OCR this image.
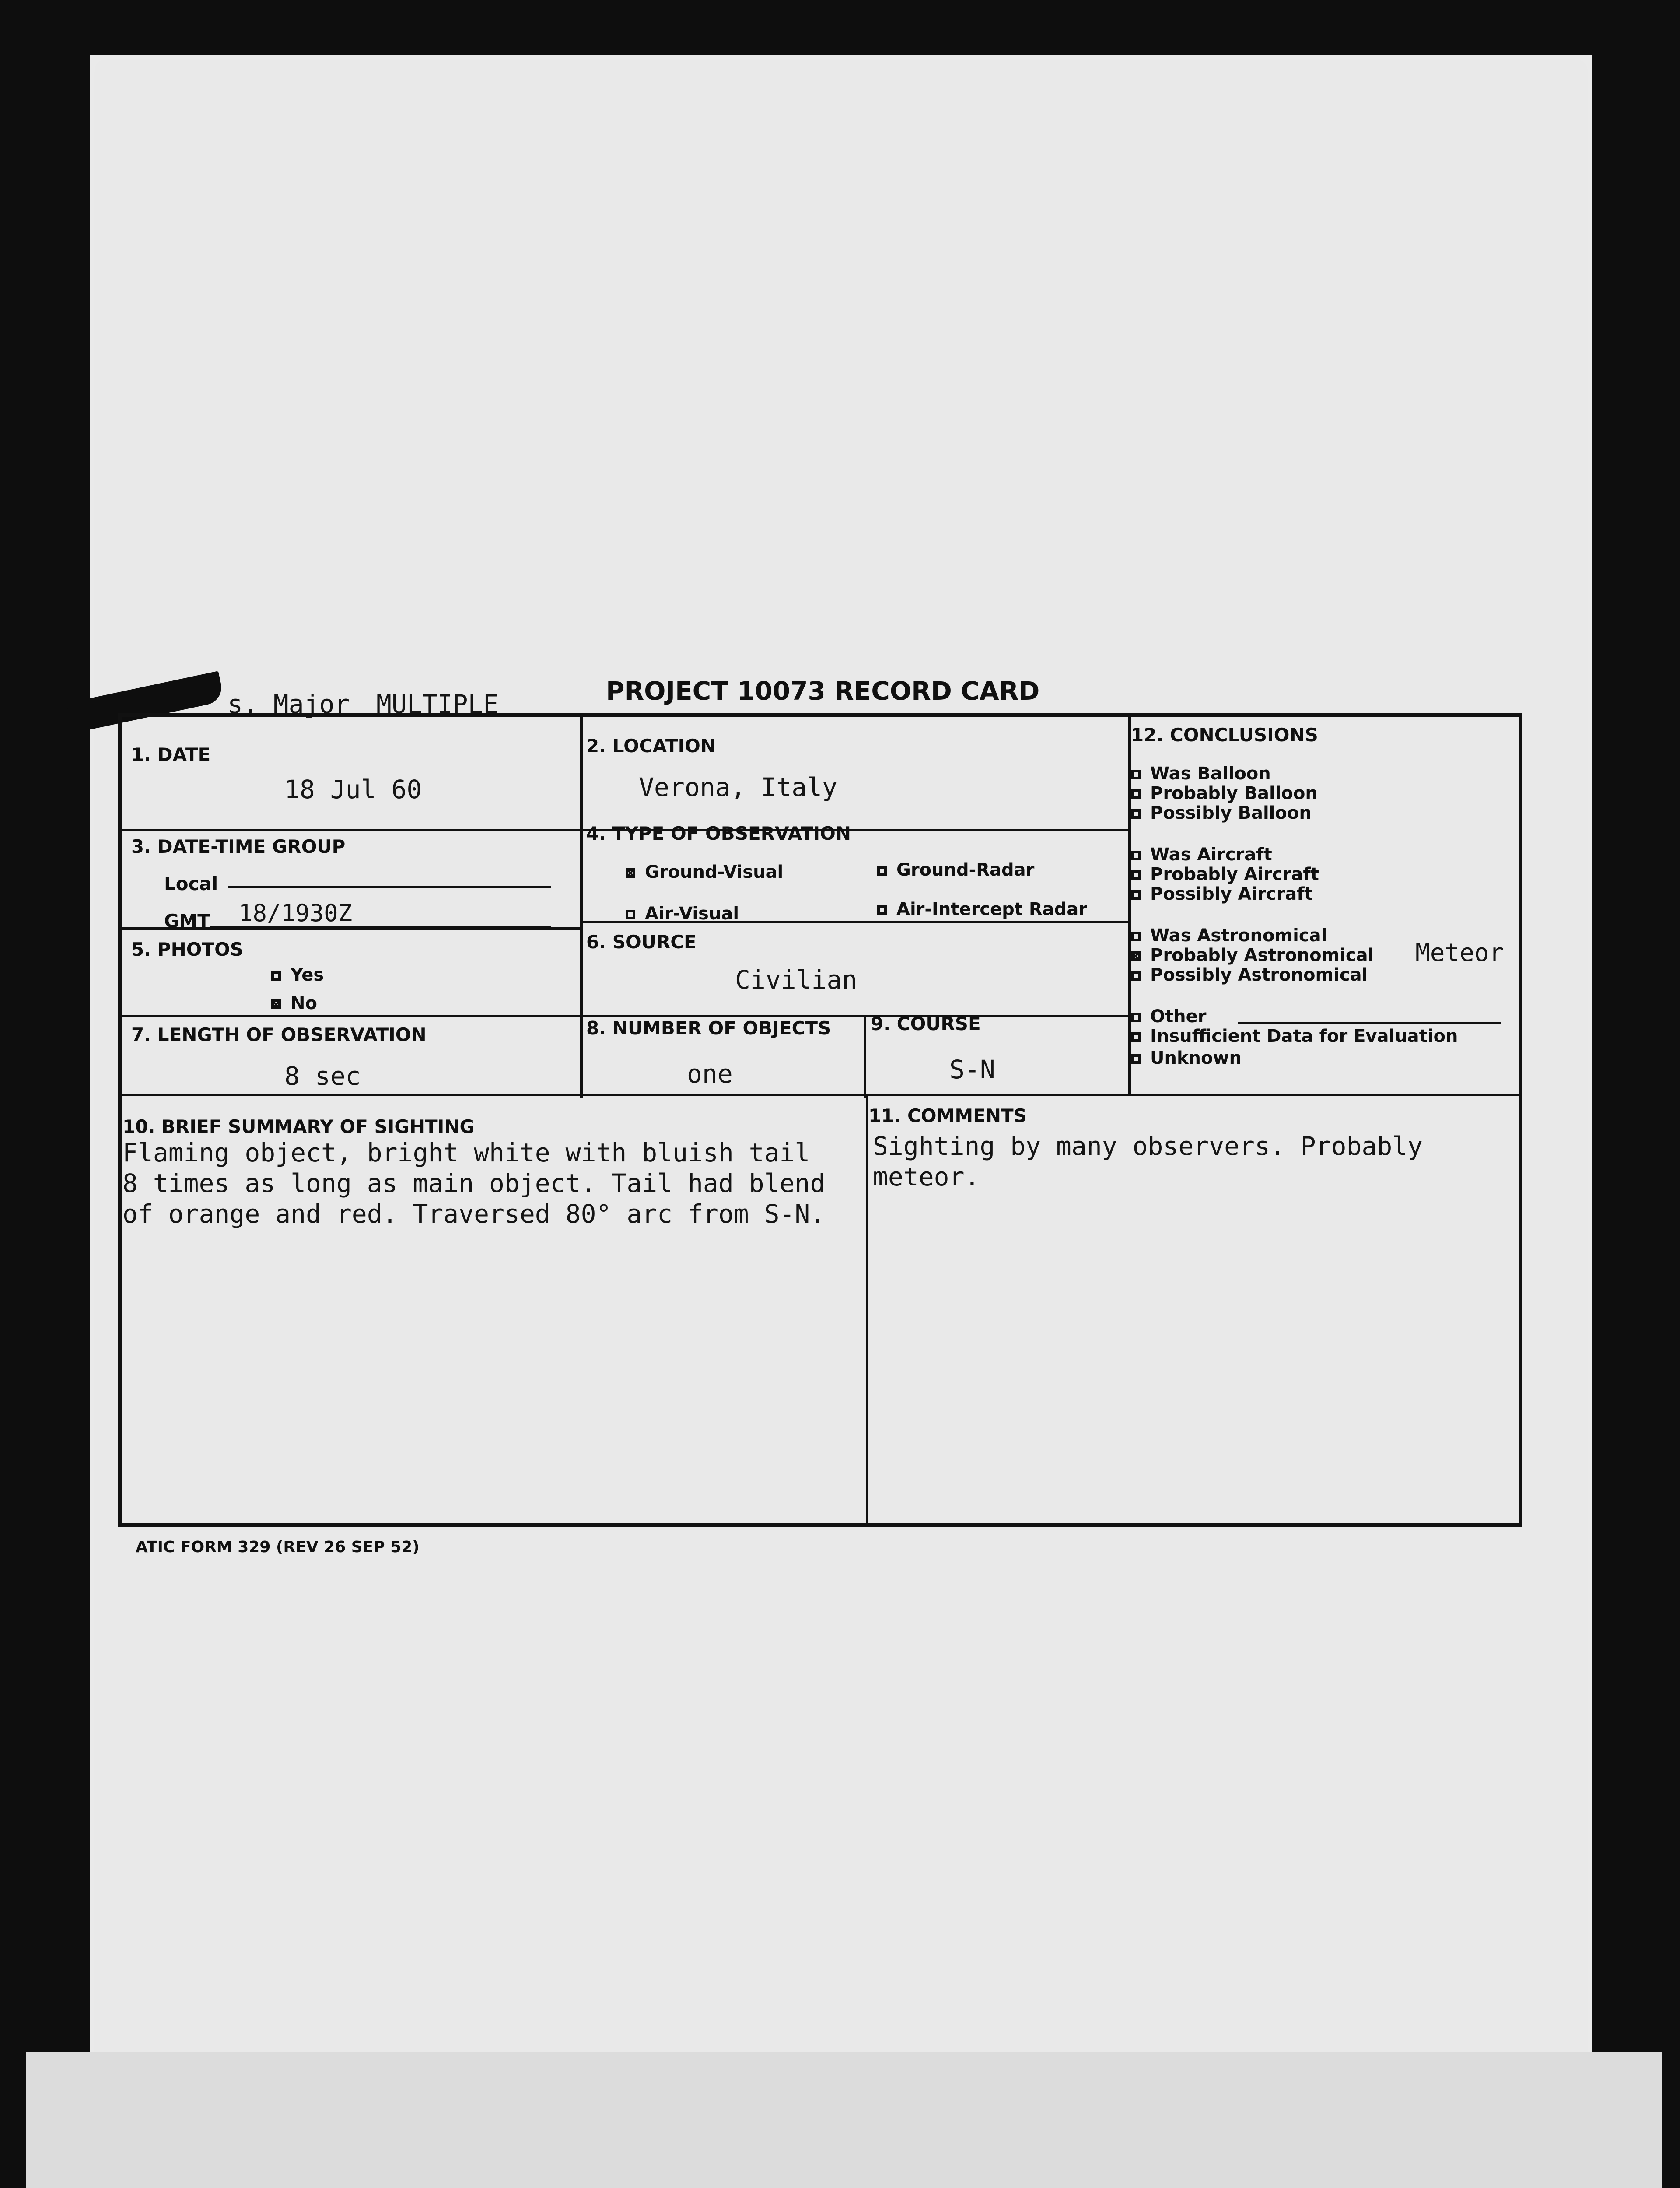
s, Major MULTIPLE	PROJECT 10073 RECORD CARD
1. DATE
18 Jul 60
2. LOCATION
Verona, Italy
3. DATE-TIME GROUP
Local
GMT 18/1930Z
4. TYPE OF OBSERVATION
Ground-Visual	Ground-Radar
Air-Visual	Air-Intercept Radar
5. PHOTOS
Yes
No
6. SOURCE
Civilian
7. LENGTH OF OBSERVATION
8 sec
8. NUMBER OF OBJECTS
one
9. COURSE
S-N
12. CONCLUSIONS
Was Balloon
Probably Balloon
Possibly Balloon
Was Aircraft
Probably Aircraft
Possibly Aircraft
Was Astronomical
Probably Astronomical Meteor
Possibly Astronomical
Other
Insufficient Data for Evaluation
Unknown
10. BRIEF SUMMARY OF SIGHTING
Flaming object, bright white with bluish tail
8 times as long as main object. Tail had blend
of orange and red. Traversed 80° arc from S-N.
11. COMMENTS
Sighting by many observers. Probably
meteor.
ATIC FORM 329 (REV 26 SEP 52)
